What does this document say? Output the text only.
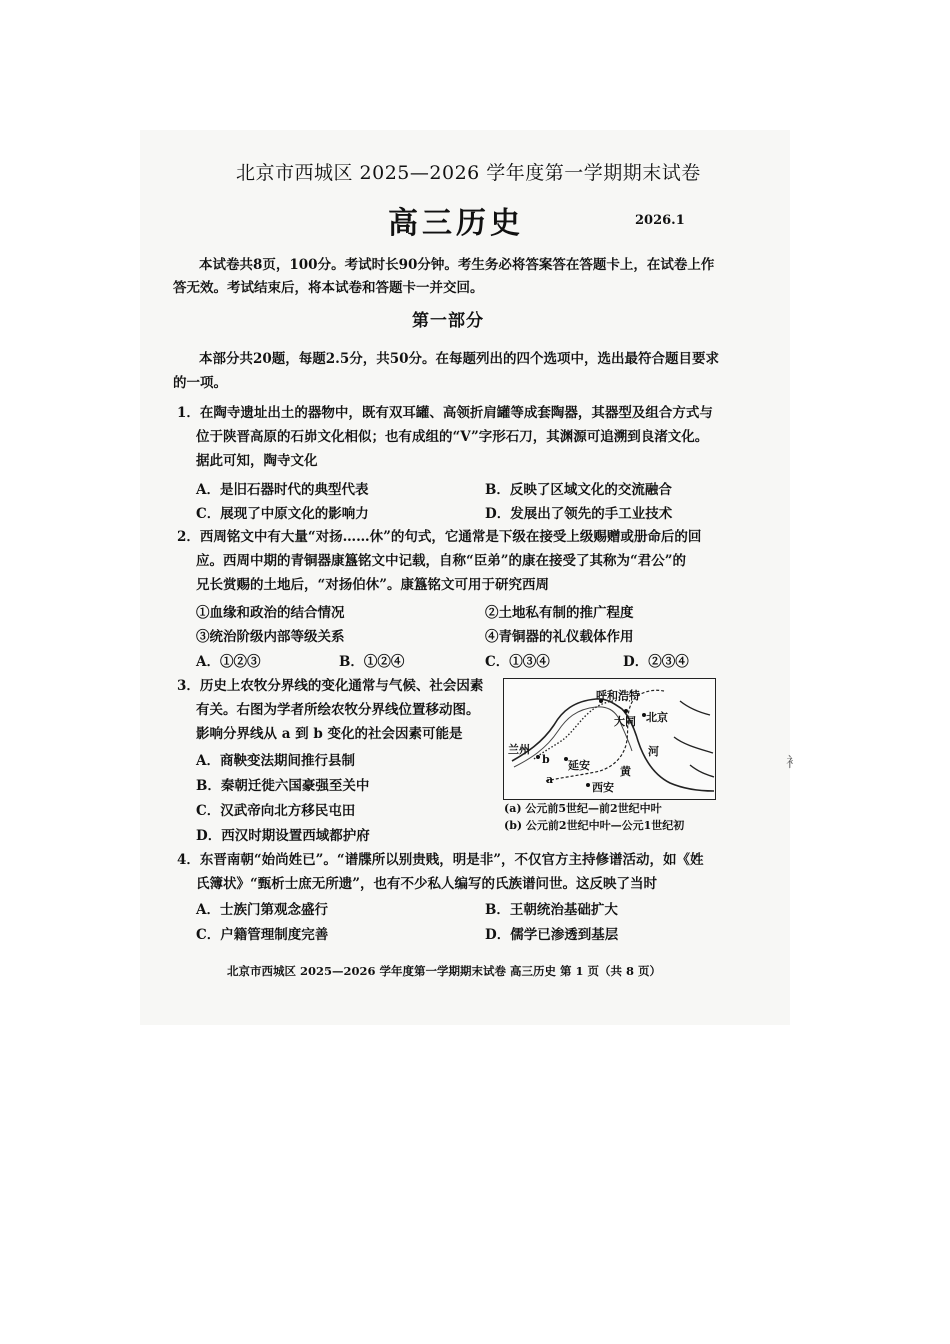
北京市西城区 2025—2026 学年度第一学期期末试卷
高三历史	2026.1
本试卷共8页，100分。考试时长90分钟。考生务必将答案答在答题卡上，在试卷上作
答无效。考试结束后，将本试卷和答题卡一并交回。
第一部分
本部分共20题，每题2.5分，共50分。在每题列出的四个选项中，选出最符合题目要求
的一项。
1．在陶寺遗址出土的器物中，既有双耳罐、高领折肩罐等成套陶器，其器型及组合方式与
位于陕晋高原的石峁文化相似；也有成组的“V”字形石刀，其渊源可追溯到良渚文化。
据此可知，陶寺文化
A．是旧石器时代的典型代表	B．反映了区域文化的交流融合
C．展现了中原文化的影响力	D．发展出了领先的手工业技术
2．西周铭文中有大量“对扬……休”的句式，它通常是下级在接受上级赐赠或册命后的回
应。西周中期的青铜器康簋铭文中记载，自称“臣弟”的康在接受了其称为“君公”的
兄长赏赐的土地后，“对扬伯休”。康簋铭文可用于研究西周
①血缘和政治的结合情况	②土地私有制的推广程度
③统治阶级内部等级关系	④青铜器的礼仪载体作用
A．①②③	B．①②④	C．①③④	D．②③④
3．历史上农牧分界线的变化通常与气候、社会因素
有关。右图为学者所绘农牧分界线位置移动图。
影响分界线从 a 到 b 变化的社会因素可能是
A．商鞅变法期间推行县制
B．秦朝迁徙六国豪强至关中
C．汉武帝向北方移民屯田
D．西汉时期设置西域都护府
呼和浩特
大同 北京
兰州
b 延安
河
黄
a
西安
(a) 公元前5世纪—前2世纪中叶
(b) 公元前2世纪中叶—公元1世纪初
4．东晋南朝“始尚姓已”。“谱牒所以别贵贱，明是非”，不仅官方主持修谱活动，如《姓
氏簿状》“甄析士庶无所遗”，也有不少私人编写的氏族谱问世。这反映了当时
A．士族门第观念盛行	B．王朝统治基础扩大
C．户籍管理制度完善	D．儒学已渗透到基层
北京市西城区 2025—2026 学年度第一学期期末试卷 高三历史 第 1 页（共 8 页）
衤
